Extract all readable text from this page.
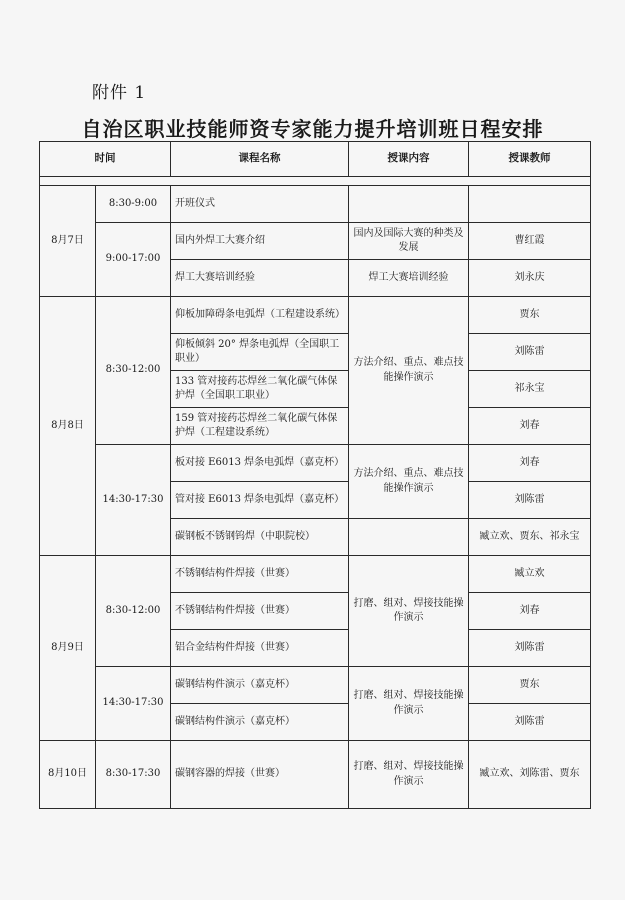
附件 1
自治区职业技能师资专家能力提升培训班日程安排
时间		课程名称	授课内容	授课教师

8月7日	8:30-9:00	开班仪式		
	9:00-17:00	国内外焊工大赛介绍	国内及国际大赛的种类及发展	曹红霞
		焊工大赛培训经验	焊工大赛培训经验	刘永庆
8月8日	8:30-12:00	仰板加障碍条电弧焊（工程建设系统）	方法介绍、重点、难点技能操作演示	贾东
		仰板倾斜 20° 焊条电弧焊（全国职工职业）		刘陈雷
		133 管对接药芯焊丝二氧化碳气体保护焊（全国职工职业）		祁永宝
		159 管对接药芯焊丝二氧化碳气体保护焊（工程建设系统）		刘春
	14:30-17:30	板对接 E6013 焊条电弧焊（嘉克杯）	方法介绍、重点、难点技能操作演示	刘春
		管对接 E6013 焊条电弧焊（嘉克杯）		刘陈雷
		碳钢板不锈钢钨焊（中职院校）		臧立欢、贾东、祁永宝
8月9日	8:30-12:00	不锈钢结构件焊接（世赛）	打磨、组对、焊接技能操作演示	臧立欢
		不锈钢结构件焊接（世赛）		刘春
		铝合金结构件焊接（世赛）		刘陈雷
	14:30-17:30	碳钢结构件演示（嘉克杯）	打磨、组对、焊接技能操作演示	贾东
		碳钢结构件演示（嘉克杯）		刘陈雷
8月10日	8:30-17:30	碳钢容器的焊接（世赛）	打磨、组对、焊接技能操作演示	臧立欢、刘陈雷、贾东
